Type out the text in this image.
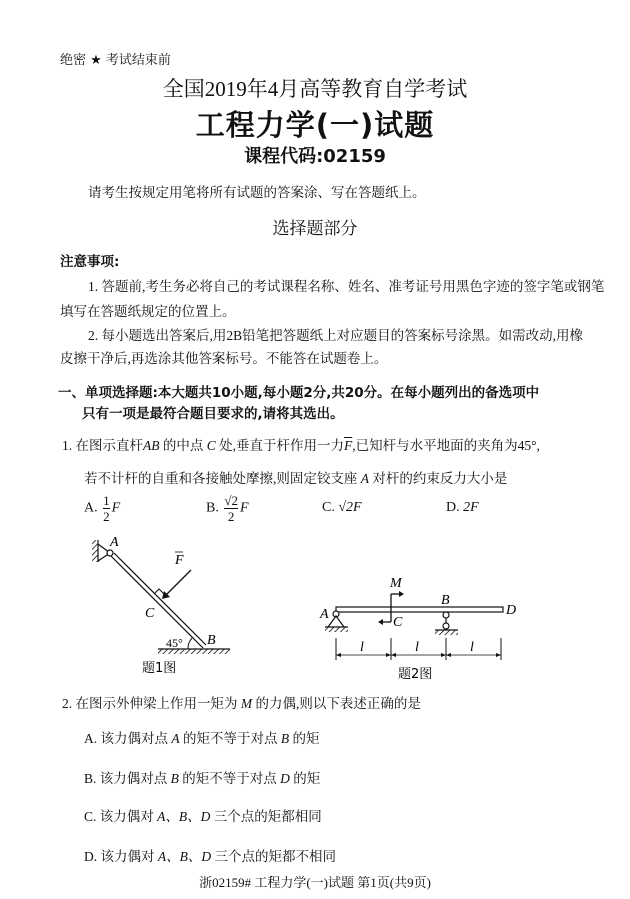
绝密 ★ 考试结束前
全国2019年4月高等教育自学考试
工程力学(一)试题
课程代码:02159
请考生按规定用笔将所有试题的答案涂、写在答题纸上。
选择题部分
注意事项:
1. 答题前,考生务必将自己的考试课程名称、姓名、准考证号用黑色字迹的签字笔或钢笔
填写在答题纸规定的位置上。
2. 每小题选出答案后,用2B铅笔把答题纸上对应题目的答案标号涂黑。如需改动,用橡
皮擦干净后,再选涂其他答案标号。不能答在试题卷上。
一、单项选择题:本大题共10小题,每小题2分,共20分。在每小题列出的备选项中
只有一项是最符合题目要求的,请将其选出。
1. 在图示直杆AB 的中点 C 处,垂直于杆作用一力$\overline{F}$,已知杆与水平地面的夹角为45°,
若不计杆的自重和各接触处摩擦,则固定铰支座 A 对杆的约束反力大小是
A. $\frac{1}{2}$ F	B. $\frac{√2}{2}$ F	C. √2F	D. 2F
A
C
B
F
45°
题1图
A
C
B
D
M
l	l	l
题2图
2. 在图示外伸梁上作用一矩为 M 的力偶,则以下表述正确的是
A. 该力偶对点 A 的矩不等于对点 B 的矩
B. 该力偶对点 B 的矩不等于对点 D 的矩
C. 该力偶对 A、B、D 三个点的矩都相同
D. 该力偶对 A、B、D 三个点的矩都不相同
浙02159# 工程力学(一)试题 第1页(共9页)
